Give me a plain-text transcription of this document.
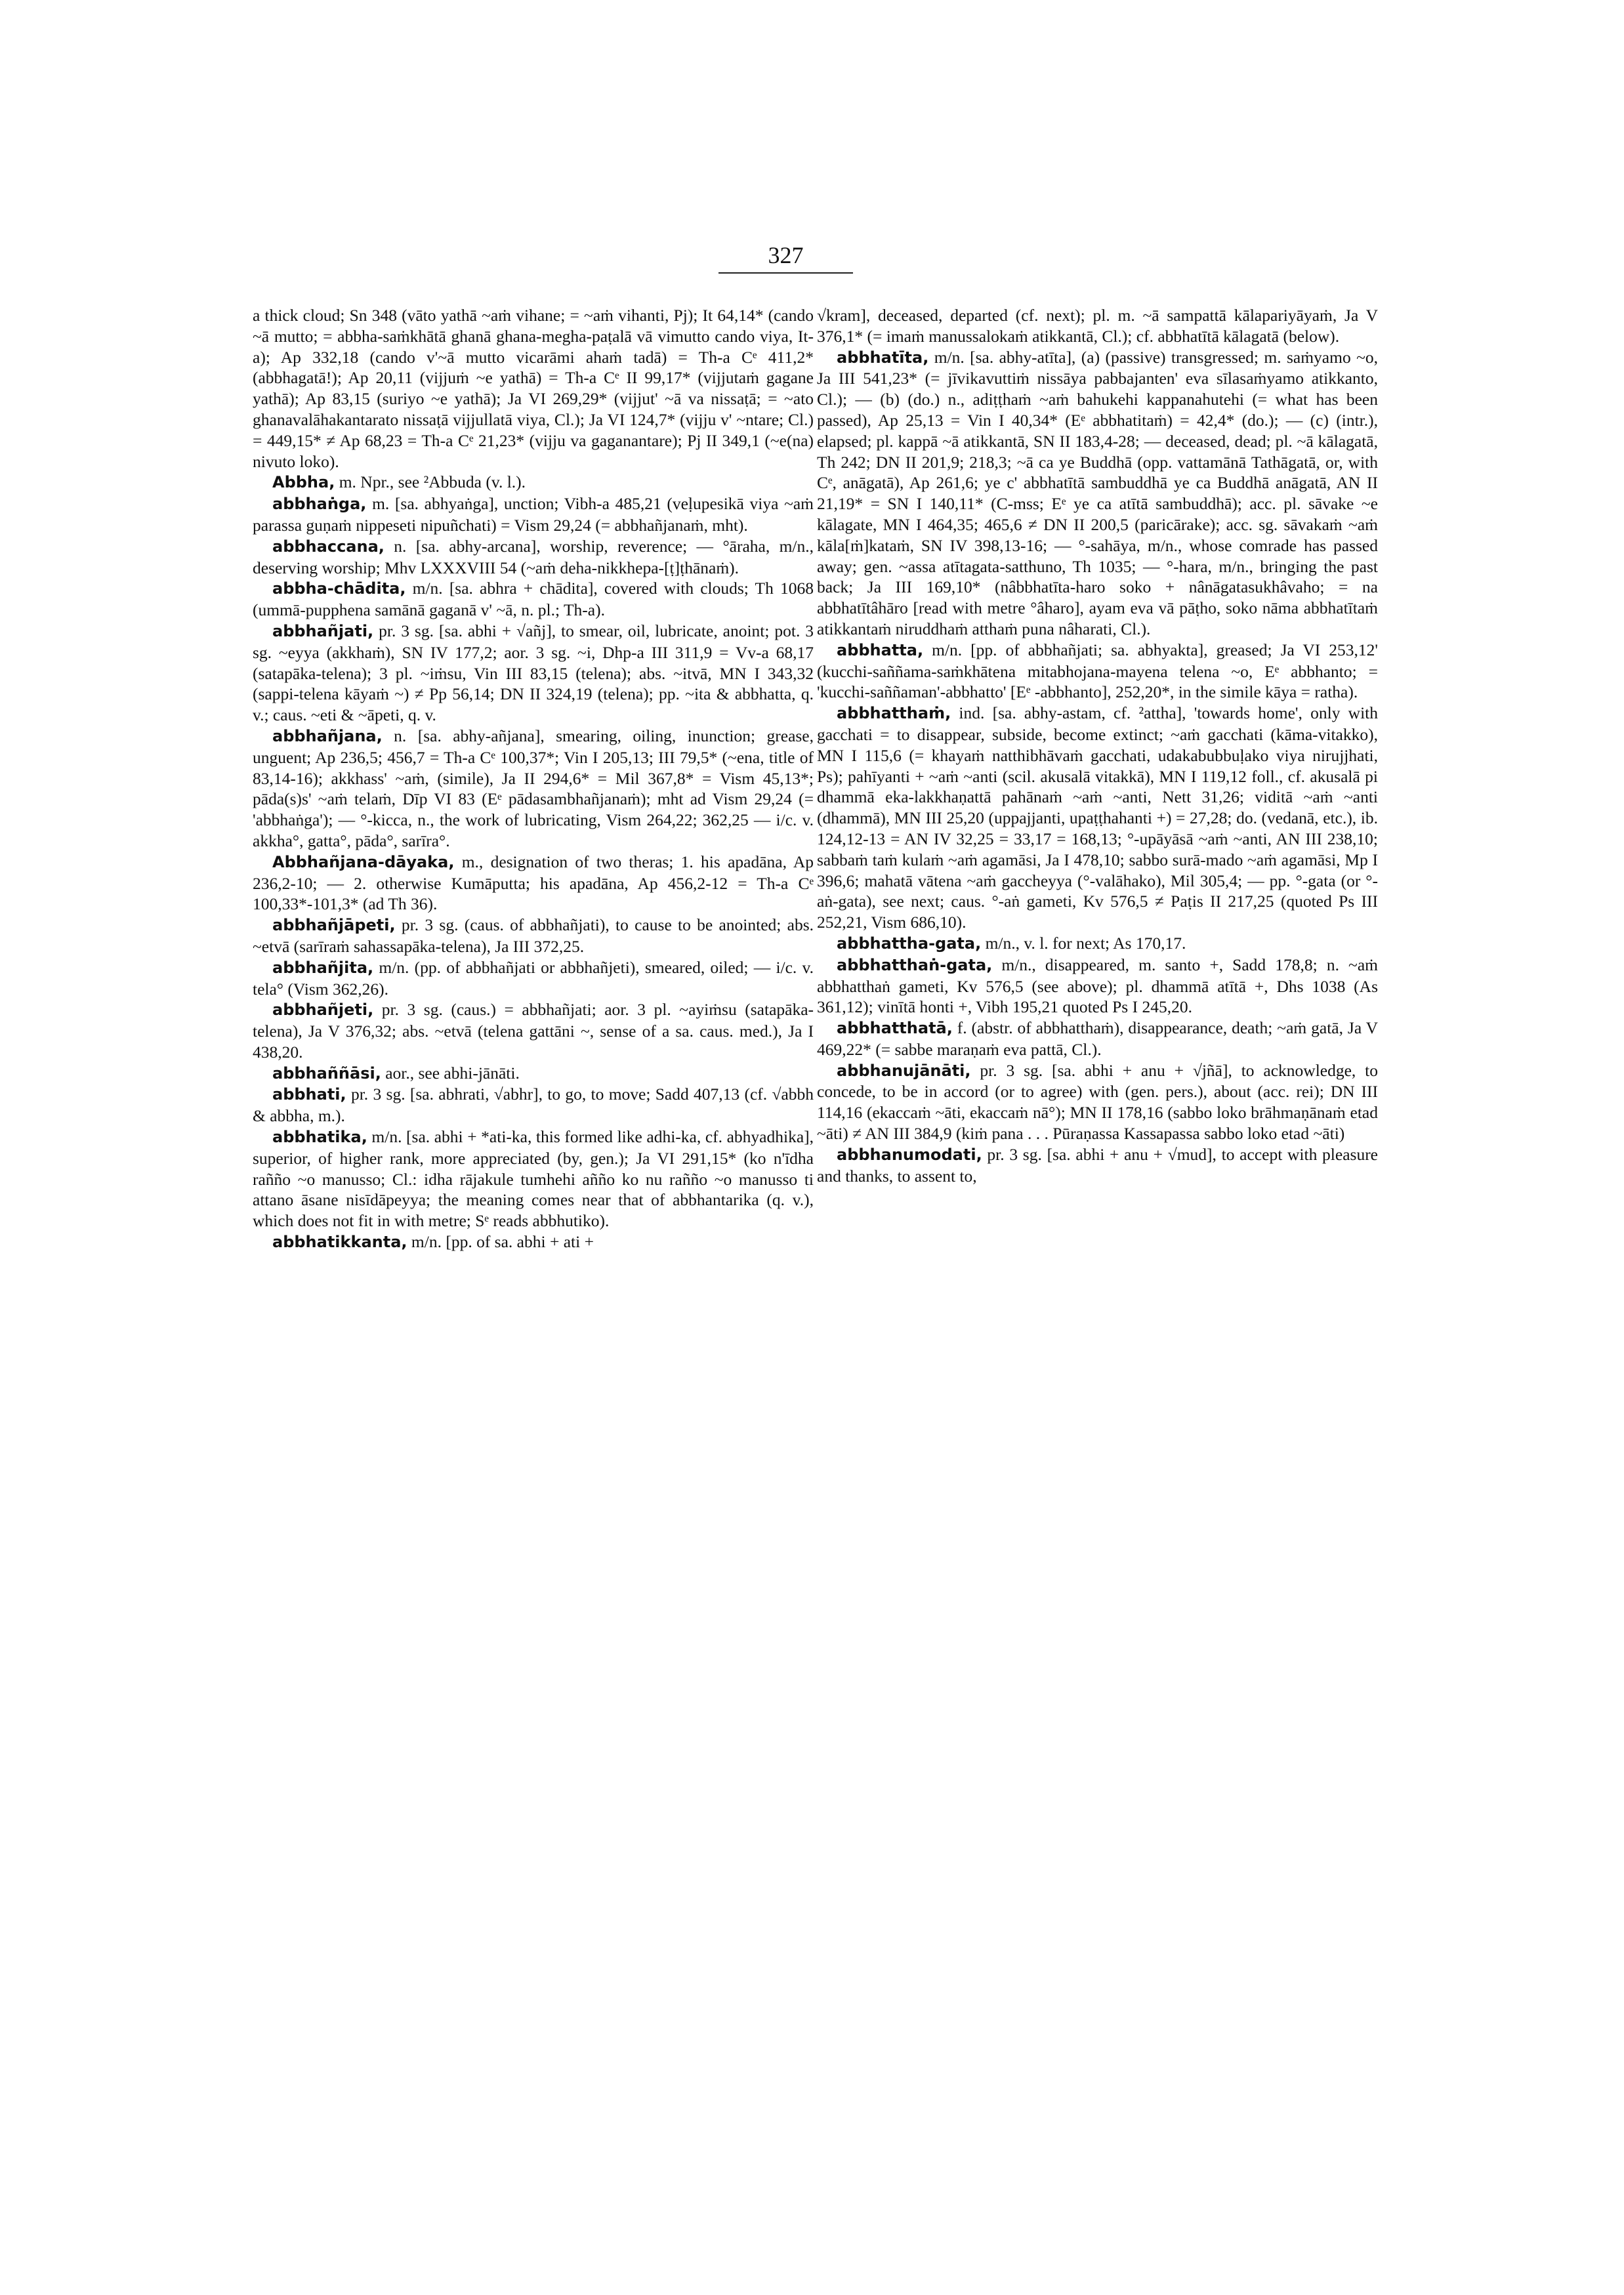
327

a thick cloud; Sn 348 (vāto yathā ~aṁ vihane; = ~aṁ vihanti, Pj); It 64,14* (cando ~ā mutto; = abbha-saṁkhātā ghanā ghana-megha-paṭalā vā vimutto cando viya, It-a); Ap 332,18 (cando v'~ā mutto vicarāmi ahaṁ tadā) = Th-a Cᵉ 411,2* (abbhagatā!); Ap 20,11 (vijjuṁ ~e yathā) = Th-a Cᵉ II 99,17* (vijjutaṁ gagane yathā); Ap 83,15 (suriyo ~e yathā); Ja VI 269,29* (vijjut' ~ā va nissaṭā; = ~ato ghanavalāhakantarato nissaṭā vijjullatā viya, Cl.); Ja VI 124,7* (vijju v' ~ntare; Cl.) = 449,15* ≠ Ap 68,23 = Th-a Cᵉ 21,23* (vijju va gaganantare); Pj II 349,1 (~e(na) nivuto loko).

Abbha, m. Npr., see ²Abbuda (v. l.).

abbhaṅga, m. [sa. abhyaṅga], unction; Vibh-a 485,21 (veḷupesikā viya ~aṁ parassa guṇaṁ nippeseti nipuñchati) = Vism 29,24 (= abbhañjanaṁ, mht).

abbhaccana, n. [sa. abhy-arcana], worship, reverence; — °āraha, m/n., deserving worship; Mhv LXXXVIII 54 (~aṁ deha-nikkhepa-[ṭ]ṭhānaṁ).

abbha-chādita, m/n. [sa. abhra + chādita], covered with clouds; Th 1068 (ummā-pupphena samānā gaganā v' ~ā, n. pl.; Th-a).

abbhañjati, pr. 3 sg. [sa. abhi + √añj], to smear, oil, lubricate, anoint; pot. 3 sg. ~eyya (akkhaṁ), SN IV 177,2; aor. 3 sg. ~i, Dhp-a III 311,9 = Vv-a 68,17 (satapāka-telena); 3 pl. ~iṁsu, Vin III 83,15 (telena); abs. ~itvā, MN I 343,32 (sappi-telena kāyaṁ ~) ≠ Pp 56,14; DN II 324,19 (telena); pp. ~ita & abbhatta, q. v.; caus. ~eti & ~āpeti, q. v.

abbhañjana, n. [sa. abhy-añjana], smearing, oiling, inunction; grease, unguent; Ap 236,5; 456,7 = Th-a Cᵉ 100,37*; Vin I 205,13; III 79,5* (~ena, title of 83,14-16); akkhass' ~aṁ, (simile), Ja II 294,6* = Mil 367,8* = Vism 45,13*; pāda(s)s' ~aṁ telaṁ, Dīp VI 83 (Eᵉ pādasambhañjanaṁ); mht ad Vism 29,24 (= 'abbhaṅga'); — °-kicca, n., the work of lubricating, Vism 264,22; 362,25 — i/c. v. akkha°, gatta°, pāda°, sarīra°.

Abbhañjana-dāyaka, m., designation of two theras; 1. his apadāna, Ap 236,2-10; — 2. otherwise Kumāputta; his apadāna, Ap 456,2-12 = Th-a Cᵉ 100,33*-101,3* (ad Th 36).

abbhañjāpeti, pr. 3 sg. (caus. of abbhañjati), to cause to be anointed; abs. ~etvā (sarīraṁ sahassapāka-telena), Ja III 372,25.

abbhañjita, m/n. (pp. of abbhañjati or abbhañjeti), smeared, oiled; — i/c. v. tela° (Vism 362,26).

abbhañjeti, pr. 3 sg. (caus.) = abbhañjati; aor. 3 pl. ~ayiṁsu (satapāka-telena), Ja V 376,32; abs. ~etvā (telena gattāni ~, sense of a sa. caus. med.), Ja I 438,20.

abbhaññāsi, aor., see abhi-jānāti.

abbhati, pr. 3 sg. [sa. abhrati, √abhr], to go, to move; Sadd 407,13 (cf. √abbh & abbha, m.).

abbhatika, m/n. [sa. abhi + *ati-ka, this formed like adhi-ka, cf. abhyadhika], superior, of higher rank, more appreciated (by, gen.); Ja VI 291,15* (ko n'īdha rañño ~o manusso; Cl.: idha rājakule tumhehi añño ko nu rañño ~o manusso ti attano āsane nisīdāpeyya; the meaning comes near that of abbhantarika (q. v.), which does not fit in with metre; Sᵉ reads abbhutiko).

abbhatikkanta, m/n. [pp. of sa. abhi + ati +

√kram], deceased, departed (cf. next); pl. m. ~ā sampattā kālapariyāyaṁ, Ja V 376,1* (= imaṁ manussalokaṁ atikkantā, Cl.); cf. abbhatītā kālagatā (below).

abbhatīta, m/n. [sa. abhy-atīta], (a) (passive) transgressed; m. saṁyamo ~o, Ja III 541,23* (= jīvikavuttiṁ nissāya pabbajanten' eva sīlasaṁyamo atikkanto, Cl.); — (b) (do.) n., adiṭṭhaṁ ~aṁ bahukehi kappanahutehi (= what has been passed), Ap 25,13 = Vin I 40,34* (Eᵉ abbhatitaṁ) = 42,4* (do.); — (c) (intr.), elapsed; pl. kappā ~ā atikkantā, SN II 183,4-28; — deceased, dead; pl. ~ā kālagatā, Th 242; DN II 201,9; 218,3; ~ā ca ye Buddhā (opp. vattamānā Tathāgatā, or, with Cᵉ, anāgatā), Ap 261,6; ye c' abbhatītā sambuddhā ye ca Buddhā anāgatā, AN II 21,19* = SN I 140,11* (C-mss; Eᵉ ye ca atītā sambuddhā); acc. pl. sāvake ~e kālagate, MN I 464,35; 465,6 ≠ DN II 200,5 (paricārake); acc. sg. sāvakaṁ ~aṁ kāla[ṁ]kataṁ, SN IV 398,13-16; — °-sahāya, m/n., whose comrade has passed away; gen. ~assa atītagata-satthuno, Th 1035; — °-hara, m/n., bringing the past back; Ja III 169,10* (nâbbhatīta-haro soko + nânāgatasukhâvaho; = na abbhatītâhāro [read with metre °âharo], ayam eva vā pāṭho, soko nāma abbhatītaṁ atikkantaṁ niruddhaṁ atthaṁ puna nâharati, Cl.).

abbhatta, m/n. [pp. of abbhañjati; sa. abhyakta], greased; Ja VI 253,12' (kucchi-saññama-saṁkhātena mitabhojana-mayena telena ~o, Eᵉ abbhanto; = 'kucchi-saññaman'-abbhatto' [Eᵉ -abbhanto], 252,20*, in the simile kāya = ratha).

abbhatthaṁ, ind. [sa. abhy-astam, cf. ²attha], 'towards home', only with gacchati = to disappear, subside, become extinct; ~aṁ gacchati (kāma-vitakko), MN I 115,6 (= khayaṁ natthibhāvaṁ gacchati, udakabubbuḷako viya nirujjhati, Ps); pahīyanti + ~aṁ ~anti (scil. akusalā vitakkā), MN I 119,12 foll., cf. akusalā pi dhammā eka-lakkhaṇattā pahānaṁ ~aṁ ~anti, Nett 31,26; viditā ~aṁ ~anti (dhammā), MN III 25,20 (uppajjanti, upaṭṭhahanti +) = 27,28; do. (vedanā, etc.), ib. 124,12-13 = AN IV 32,25 = 33,17 = 168,13; °-upāyāsā ~aṁ ~anti, AN III 238,10; sabbaṁ taṁ kulaṁ ~aṁ agamāsi, Ja I 478,10; sabbo surā-mado ~aṁ agamāsi, Mp I 396,6; mahatā vātena ~aṁ gaccheyya (°-valāhako), Mil 305,4; — pp. °-gata (or °-aṅ-gata), see next; caus. °-aṅ gameti, Kv 576,5 ≠ Paṭis II 217,25 (quoted Ps III 252,21, Vism 686,10).

abbhattha-gata, m/n., v. l. for next; As 170,17.

abbhatthaṅ-gata, m/n., disappeared, m. santo +, Sadd 178,8; n. ~aṁ abbhatthaṅ gameti, Kv 576,5 (see above); pl. dhammā atītā +, Dhs 1038 (As 361,12); vinītā honti +, Vibh 195,21 quoted Ps I 245,20.

abbhatthatā, f. (abstr. of abbhatthaṁ), disappearance, death; ~aṁ gatā, Ja V 469,22* (= sabbe maraṇaṁ eva pattā, Cl.).

abbhanujānāti, pr. 3 sg. [sa. abhi + anu + √jñā], to acknowledge, to concede, to be in accord (or to agree) with (gen. pers.), about (acc. rei); DN III 114,16 (ekaccaṁ ~āti, ekaccaṁ nā°); MN II 178,16 (sabbo loko brāhmaṇānaṁ etad ~āti) ≠ AN III 384,9 (kiṁ pana . . . Pūraṇassa Kassapassa sabbo loko etad ~āti)

abbhanumodati, pr. 3 sg. [sa. abhi + anu + √mud], to accept with pleasure and thanks, to assent to,
